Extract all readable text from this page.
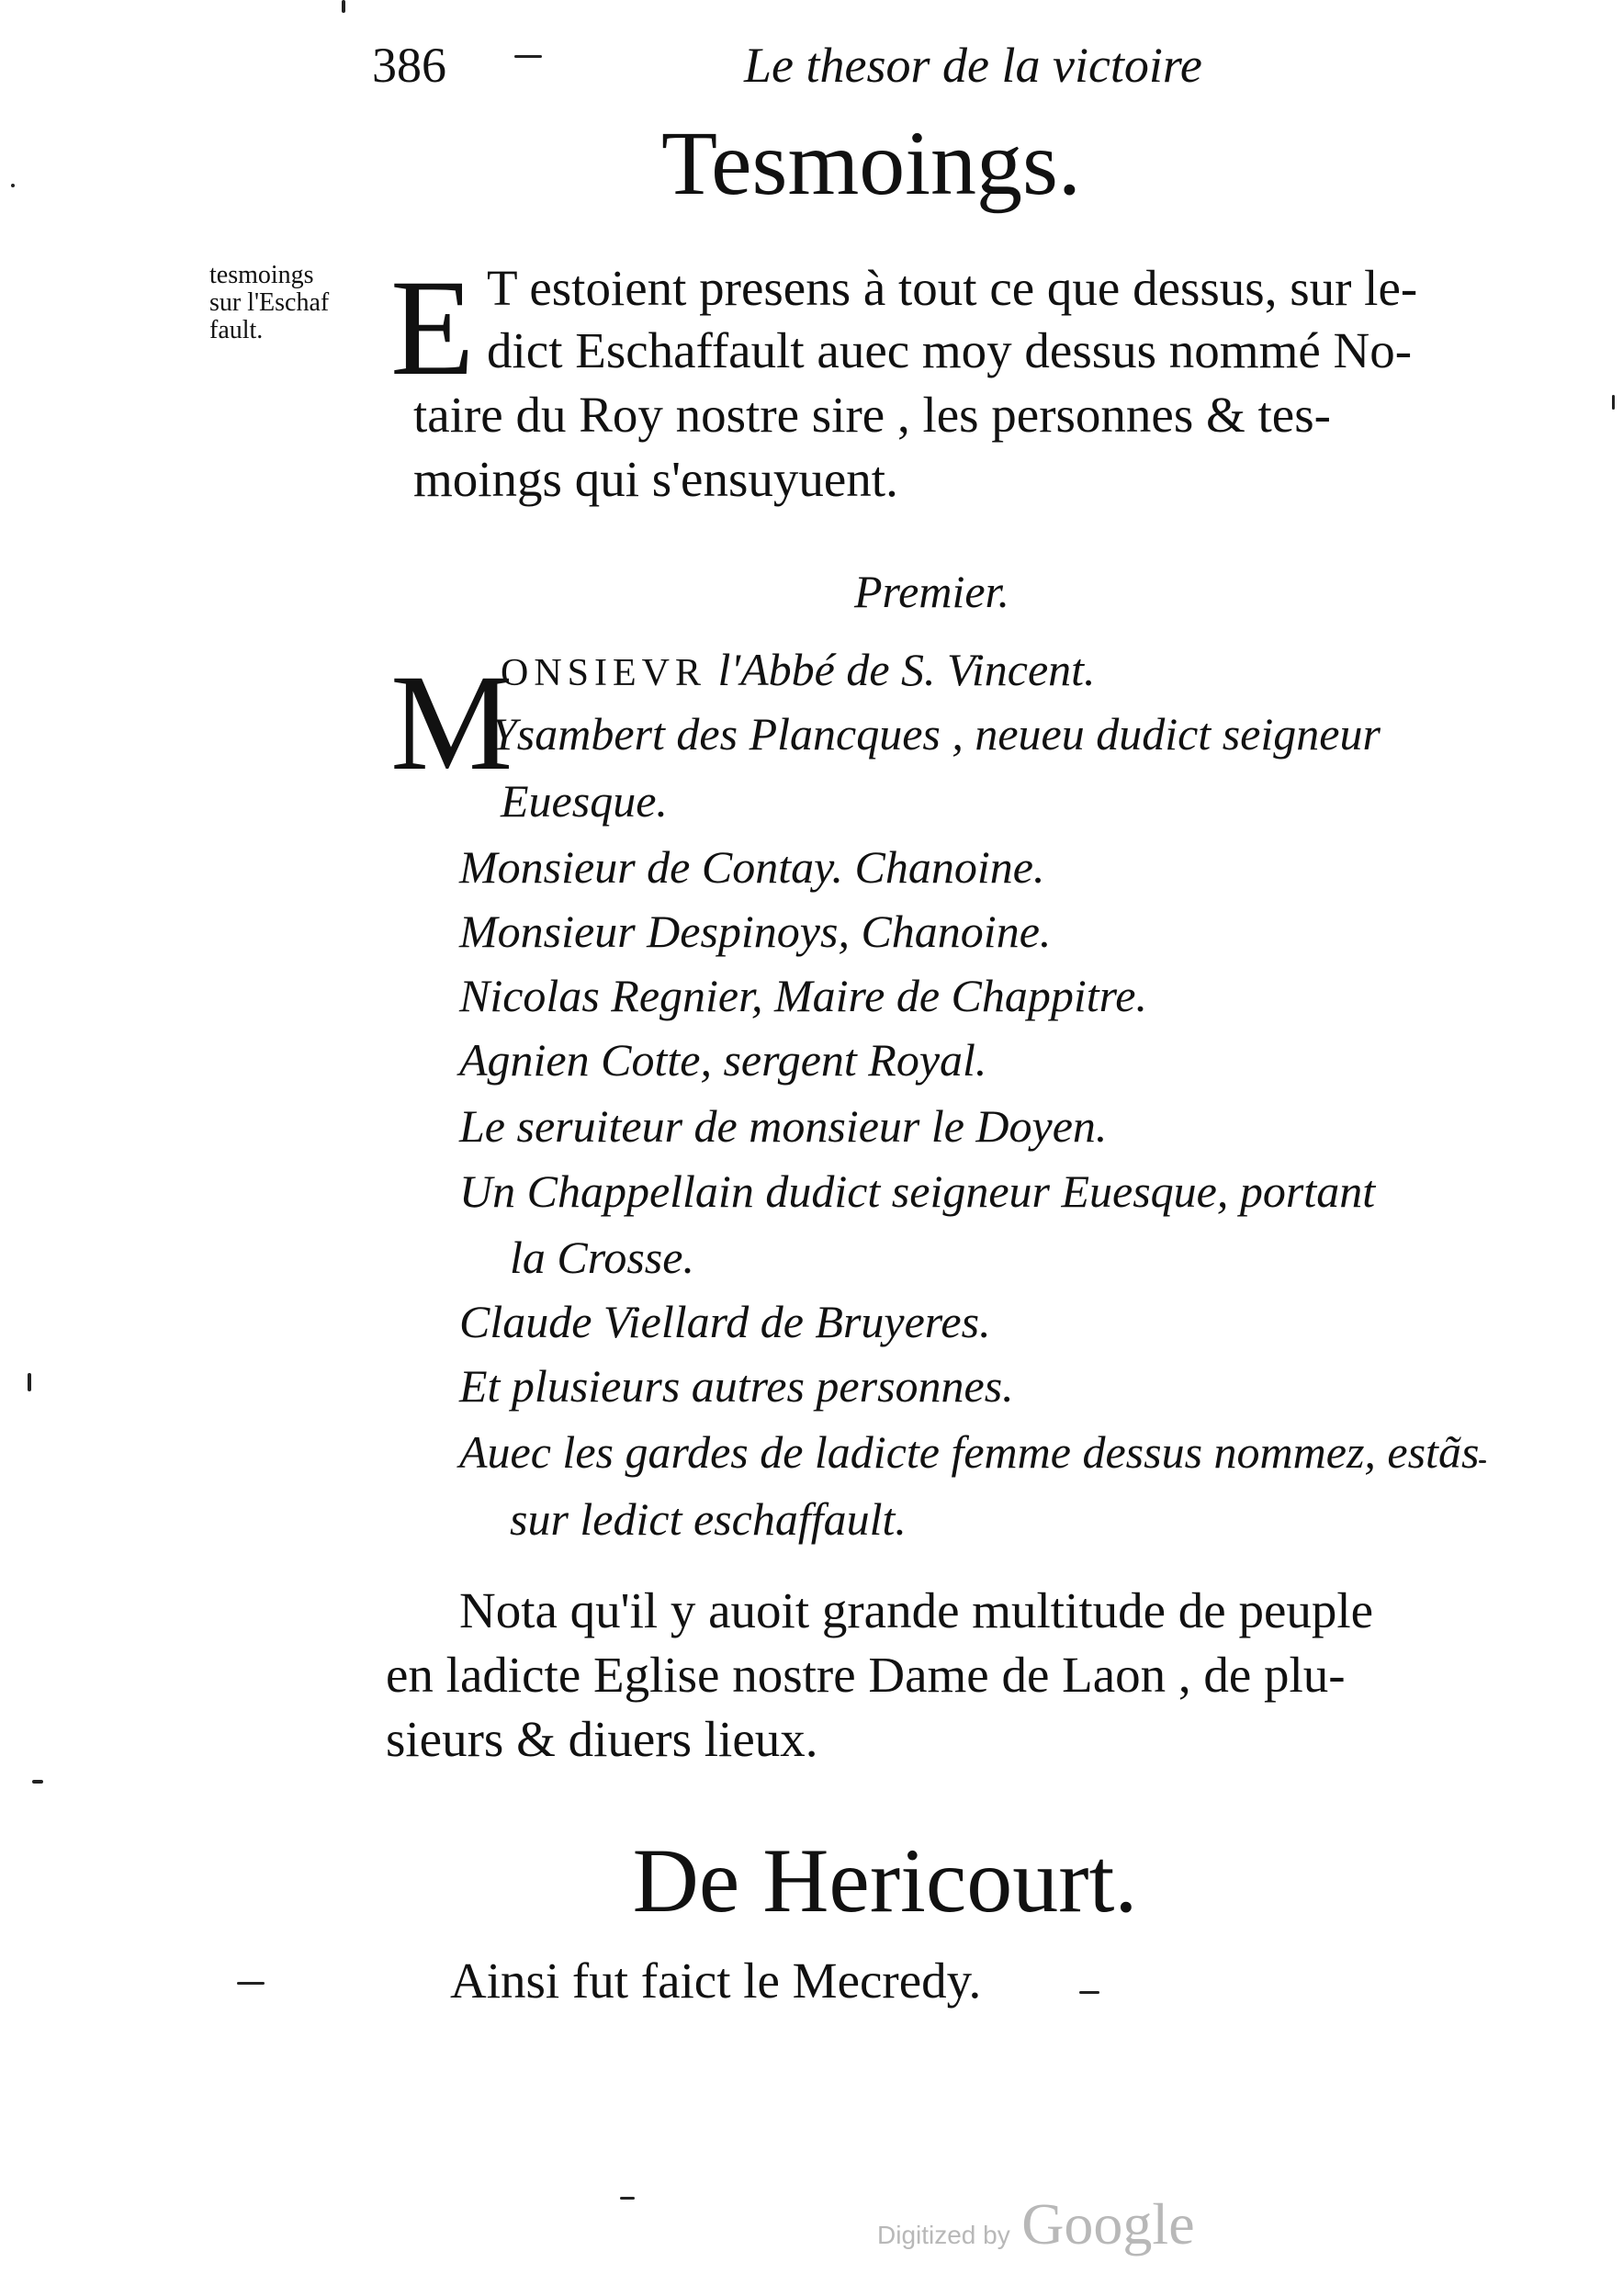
386	Le thesor de la victoire
Tesmoings.
tesmoings
sur l'Eschaf
fault. E T estoient presens à tout ce que dessus, sur le-
dict Eschaffault auec moy dessus nommé No-
taire du Roy nostre sire , les personnes & tes-
moings qui s'ensuyuent.
Premier.
M
ONSIEVR l'Abbé de S. Vincent.
Ysambert des Plancques , neueu dudict seigneur
Euesque.
Monsieur de Contay. Chanoine.
Monsieur Despinoys, Chanoine.
Nicolas Regnier, Maire de Chappitre.
Agnien Cotte, sergent Royal.
Le seruiteur de monsieur le Doyen.
Un Chappellain dudict seigneur Euesque, portant
la Crosse.
Claude Viellard de Bruyeres.
Et plusieurs autres personnes.
Auec les gardes de ladicte femme dessus nommez, estãs
sur ledict eschaffault.
Nota qu'il y auoit grande multitude de peuple
en ladicte Eglise nostre Dame de Laon , de plu-
sieurs & diuers lieux.
De Hericourt.
Ainsi fut faict le Mecredy.
Digitized by Google
